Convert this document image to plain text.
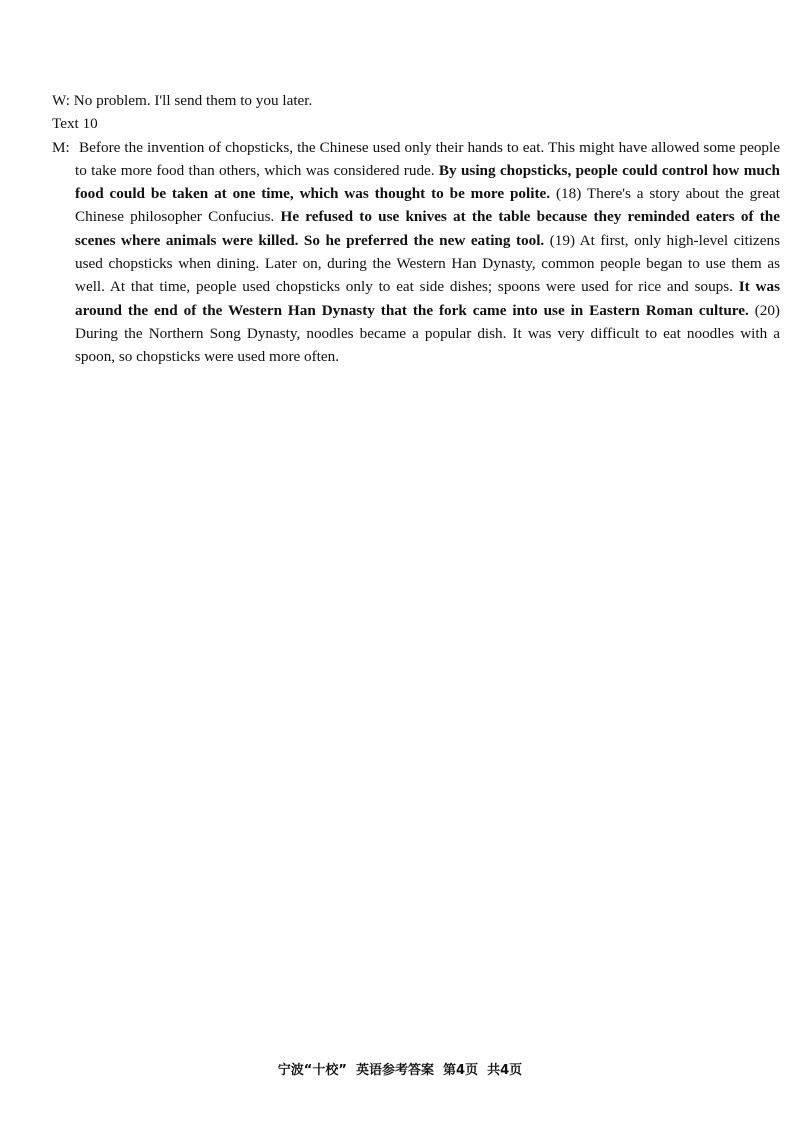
W: No problem. I'll send them to you later.

Text 10

M: Before the invention of chopsticks, the Chinese used only their hands to eat. This might have allowed some people to take more food than others, which was considered rude. By using chopsticks, people could control how much food could be taken at one time, which was thought to be more polite. (18) There's a story about the great Chinese philosopher Confucius. He refused to use knives at the table because they reminded eaters of the scenes where animals were killed. So he preferred the new eating tool. (19) At first, only high-level citizens used chopsticks when dining. Later on, during the Western Han Dynasty, common people began to use them as well. At that time, people used chopsticks only to eat side dishes; spoons were used for rice and soups. It was around the end of the Western Han Dynasty that the fork came into use in Eastern Roman culture. (20) During the Northern Song Dynasty, noodles became a popular dish. It was very difficult to eat noodles with a spoon, so chopsticks were used more often.

宁波“十校” 英语参考答案 第4页 共4页
